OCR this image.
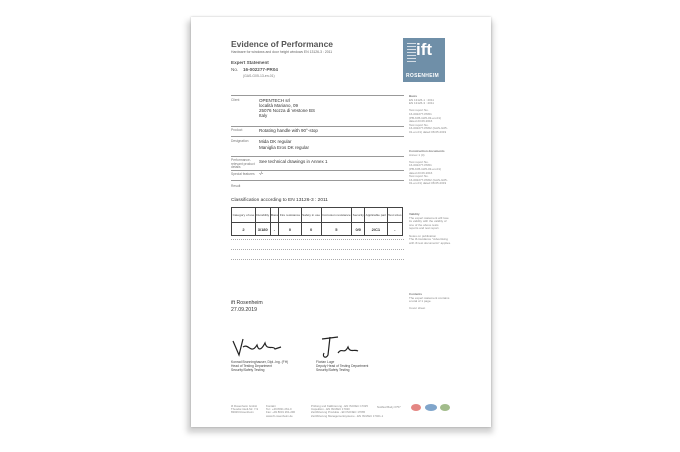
Evidence of Performance
Hardware for windows and door height windows EN 13126-3 : 2011
Expert Statement
No. 16-002277-PR04
(GAS-G05-13-en-01)
ift
ROSENHEIM
Client	OPENTECH srl
località Mariano, 09
25076 Nozza di Vestone BS
Italy
Product	Rotating handle with 90°-stop
Designation Mida DK regular
Maniglia Eros DK regular
Performance-relevant product details
See technical drawings in Annex 1
Special features -/-
Result
Classification according to EN 13126-3 : 2011
Category of use	Durability	Mass	Fire resistance	Safety in use	Corrosion resistance	Security	Applicable part	Test sizes
2	3/180	-	0	0	5	0/0	2/C1	-
Basis
EN 13126-1 : 2011
EN 13126-3 : 2011

Test report No.
16-002277-PR01
(PB-K05-G05-03-en-01)
dated 23.06.2016
Test report No.
16-002277-PR02 (GAS-G05-
01-en-01) dated 08.05.2019
Construction documents
Annex 1 (4)

Test report No.
16-002277-PR01
(PB-K05-G05-03-en-01)
dated 23.06.2016
Test report No.
16-002277-PR02 (GAS-G05-
01-en-01) dated 08.05.2019
Validity
The expert statement will lose
its validity with the validity of
one of the above tests
reports and test report.

Notes on publication
The ift-Guidance "Advertising
with ift test documents" applies.
Contents
The expert statement contains
a total of 1 page.

Cover sheet
ift Rosenheim
27.09.2019
Konrad Brunninghauser, Dipl.-Ing. (FH)
Head of Testing Department
Security/Safety Testing
Florian Luge
Deputy Head of Testing Department
Security/Safety Testing
ift Rosenheim GmbH
Theodor-Gietl-Str. 7-9
83026 Rosenheim
Kontakt
Tel.: +49 8031 261-0
Fax: +49 8031 261-290
www.ift-rosenheim.de
Prüfung und Kalibrierung - EN ISO/IEC 17025
Inspektion - EN ISO/IEC 17020
Zertifizierung Produkte - EN ISO/IEC 17065
Zertifizierung Managementsysteme - EN ISO/IEC 17021-1
Notified Body 0757
